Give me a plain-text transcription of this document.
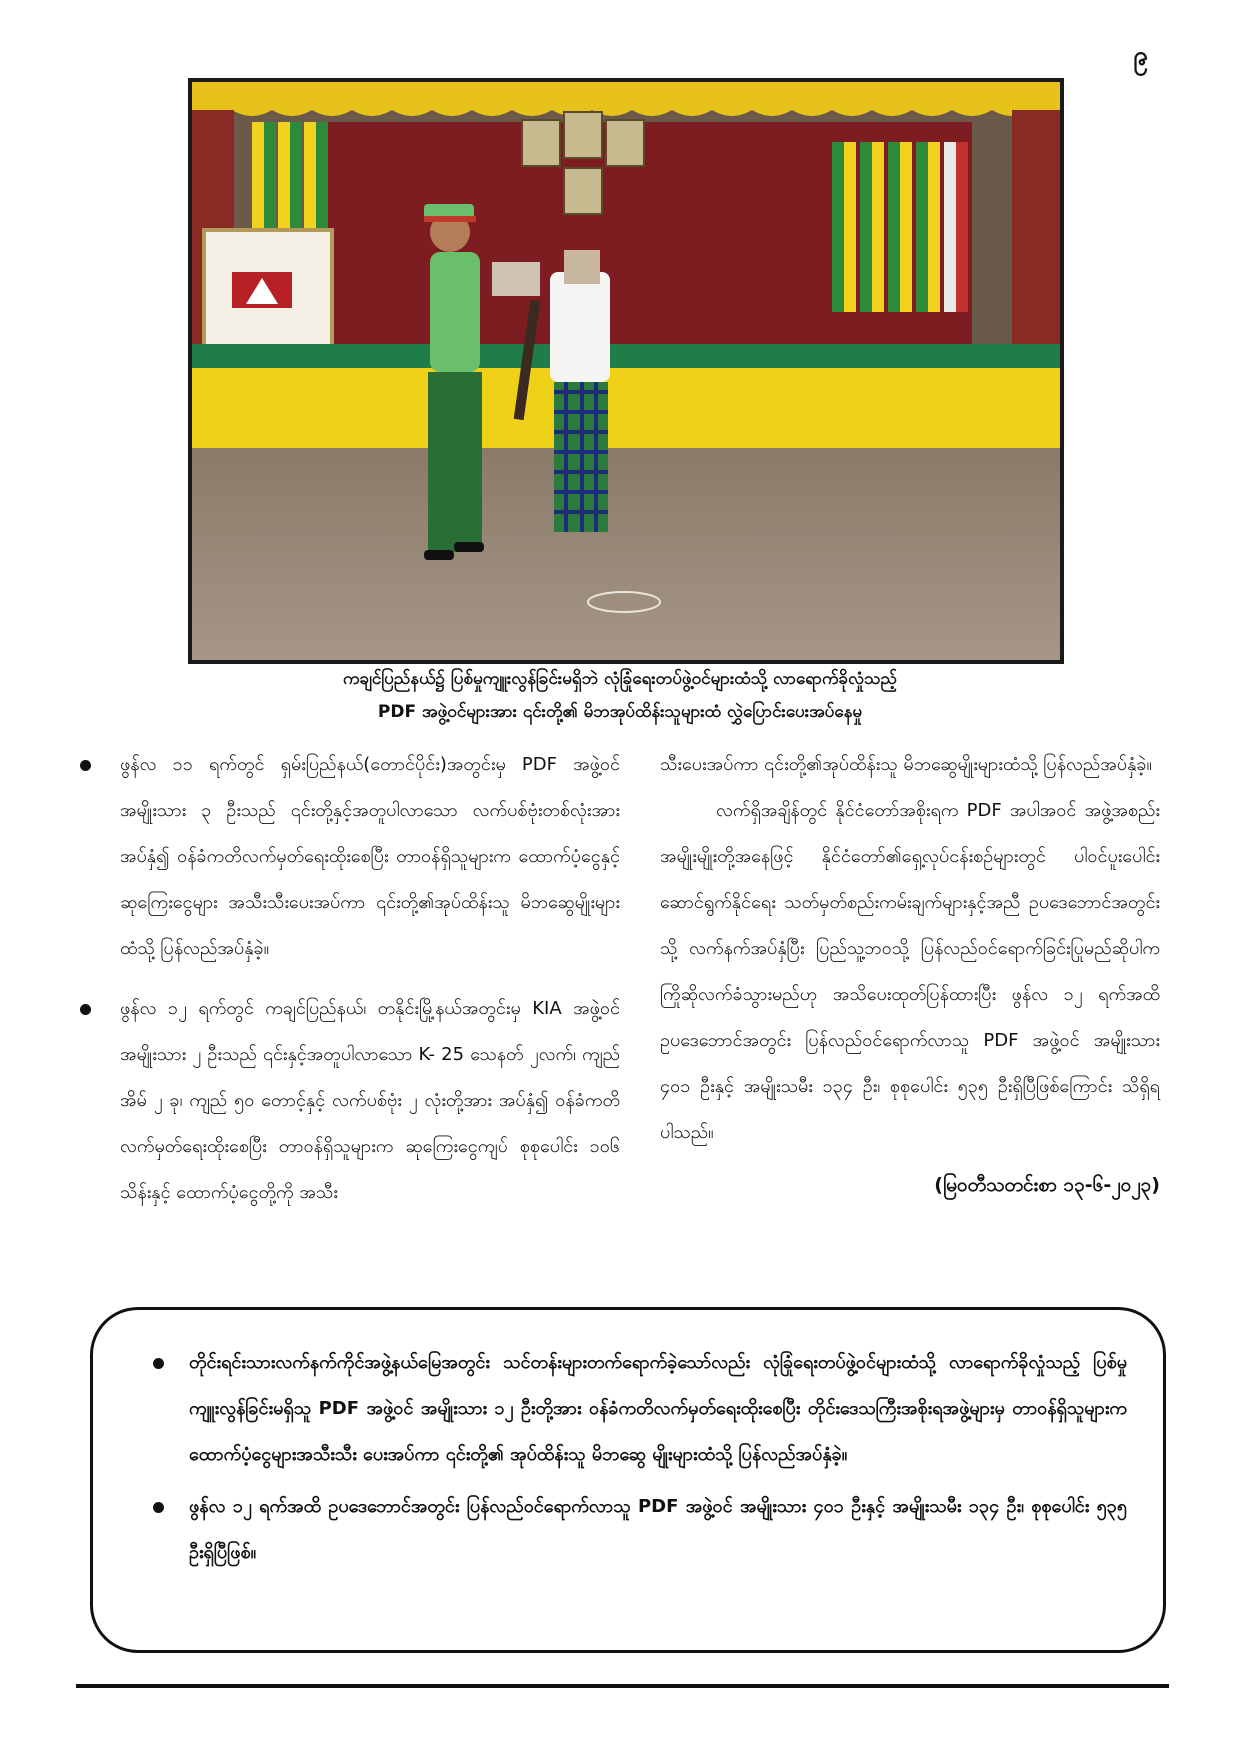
၉
ကချင်ပြည်နယ်၌ ပြစ်မှုကျူးလွန်ခြင်းမရှိဘဲ လုံခြုံရေးတပ်ဖွဲ့ဝင်များထံသို့ လာရောက်ခိုလှုံသည့်
PDF အဖွဲ့ဝင်များအား ၎င်းတို့၏ မိဘအုပ်ထိန်းသူများထံ လွှဲပြောင်းပေးအပ်နေမှု
ဖွန်လ ၁၁ ရက်တွင် ရှမ်းပြည်နယ်(တောင်ပိုင်း)အတွင်းမှ PDF အဖွဲ့ဝင် အမျိုးသား ၃ ဦးသည် ၎င်းတို့နှင့်အတူပါလာသော လက်ပစ်ဗုံးတစ်လုံးအား အပ်နှံ၍ ဝန်ခံကတိလက်မှတ်ရေးထိုးစေပြီး တာဝန်ရှိသူများက ထောက်ပံ့ငွေနှင့် ဆုကြေးငွေများ အသီးသီးပေးအပ်ကာ ၎င်းတို့၏အုပ်ထိန်းသူ မိဘဆွေမျိုးများထံသို့ ပြန်လည်အပ်နှံခဲ့။
ဖွန်လ ၁၂ ရက်တွင် ကချင်ပြည်နယ်၊ တနိုင်းမြို့နယ်အတွင်းမှ KIA အဖွဲ့ဝင် အမျိုးသား ၂ ဦးသည် ၎င်းနှင့်အတူပါလာသော K- 25 သေနတ် ၂လက်၊ ကျည်အိမ် ၂ ခု၊ ကျည် ၅၀ တောင့်နှင့် လက်ပစ်ဗုံး ၂ လုံးတို့အား အပ်နှံ၍ ဝန်ခံကတိလက်မှတ်ရေးထိုးစေပြီး တာဝန်ရှိသူများက ဆုကြေးငွေကျပ် စုစုပေါင်း ၁၀၆ သိန်းနှင့် ထောက်ပံ့ငွေတို့ကို အသီး

သီးပေးအပ်ကာ ၎င်းတို့၏အုပ်ထိန်းသူ မိဘဆွေမျိုးများထံသို့ ပြန်လည်အပ်နှံခဲ့။

လက်ရှိအချိန်တွင် နိုင်ငံတော်အစိုးရက PDF အပါအဝင် အဖွဲ့အစည်းအမျိုးမျိုးတို့အနေဖြင့် နိုင်ငံတော်၏ရှေ့လုပ်ငန်းစဉ်များတွင် ပါဝင်ပူးပေါင်းဆောင်ရွက်နိုင်ရေး သတ်မှတ်စည်းကမ်းချက်များနှင့်အညီ ဥပဒေဘောင်အတွင်းသို့ လက်နက်အပ်နှံပြီး ပြည်သူ့ဘဝသို့ ပြန်လည်ဝင်ရောက်ခြင်းပြုမည်ဆိုပါက ကြိုဆိုလက်ခံသွားမည်ဟု အသိပေးထုတ်ပြန်ထားပြီး ဖွန်လ ၁၂ ရက်အထိ ဥပဒေဘောင်အတွင်း ပြန်လည်ဝင်ရောက်လာသူ PDF အဖွဲ့ဝင် အမျိုးသား ၄၀၁ ဦးနှင့် အမျိုးသမီး ၁၃၄ ဦး၊ စုစုပေါင်း ၅၃၅ ဦးရှိပြီဖြစ်ကြောင်း သိရှိရပါသည်။

(မြဝတီသတင်းစာ ၁၃-၆-၂၀၂၃)
တိုင်းရင်းသားလက်နက်ကိုင်အဖွဲ့နယ်မြေအတွင်း သင်တန်းများတက်ရောက်ခဲ့သော်လည်း လုံခြုံရေးတပ်ဖွဲ့ဝင်များထံသို့ လာရောက်ခိုလှုံသည့် ပြစ်မှုကျူးလွန်ခြင်းမရှိသူ PDF အဖွဲ့ဝင် အမျိုးသား ၁၂ ဦးတို့အား ဝန်ခံကတိလက်မှတ်ရေးထိုးစေပြီး တိုင်းဒေသကြီးအစိုးရအဖွဲ့များမှ တာဝန်ရှိသူများက ထောက်ပံ့ငွေများအသီးသီး ပေးအပ်ကာ ၎င်းတို့၏ အုပ်ထိန်းသူ မိဘဆွေ မျိုးများထံသို့ ပြန်လည်အပ်နှံခဲ့။
ဖွန်လ ၁၂ ရက်အထိ ဥပဒေဘောင်အတွင်း ပြန်လည်ဝင်ရောက်လာသူ PDF အဖွဲ့ဝင် အမျိုးသား ၄၀၁ ဦးနှင့် အမျိုးသမီး ၁၃၄ ဦး၊ စုစုပေါင်း ၅၃၅ ဦးရှိပြီဖြစ်။
